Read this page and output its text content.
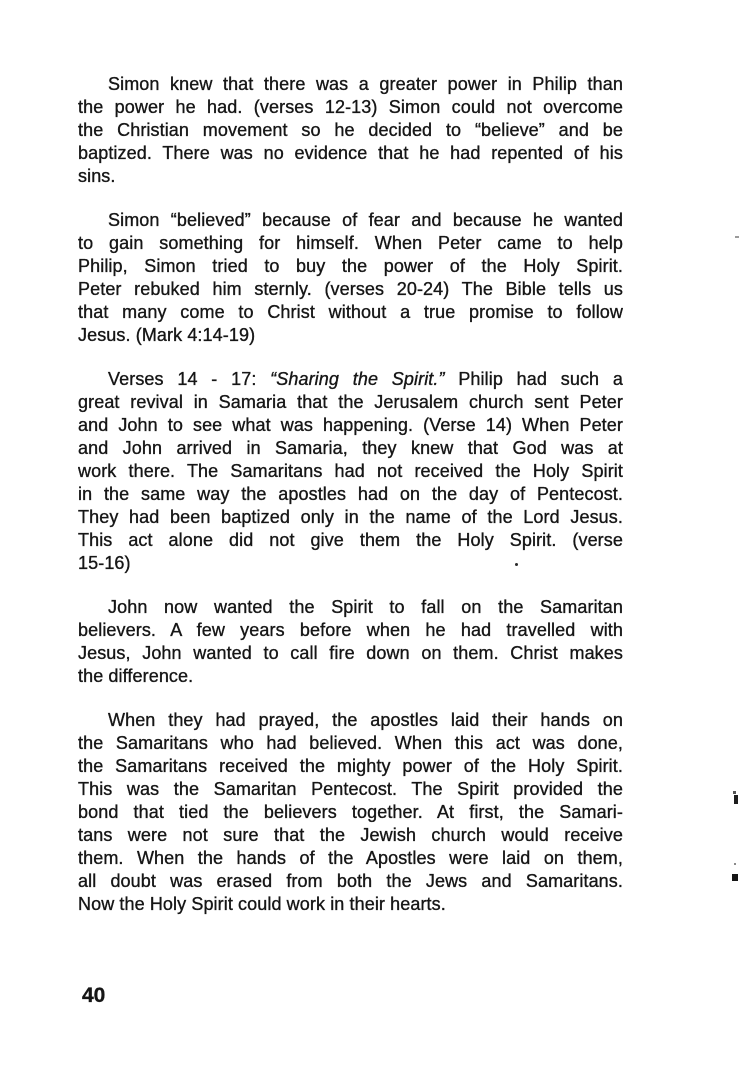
Simon knew that there was a greater power in Philip than
the power he had. (verses 12-13) Simon could not overcome
the Christian movement so he decided to “believe” and be
baptized. There was no evidence that he had repented of his
sins.
Simon “believed” because of fear and because he wanted
to gain something for himself. When Peter came to help
Philip, Simon tried to buy the power of the Holy Spirit.
Peter rebuked him sternly. (verses 20-24) The Bible tells us
that many come to Christ without a true promise to follow
Jesus. (Mark 4:14-19)
Verses 14 - 17: “Sharing the Spirit.” Philip had such a
great revival in Samaria that the Jerusalem church sent Peter
and John to see what was happening. (Verse 14) When Peter
and John arrived in Samaria, they knew that God was at
work there. The Samaritans had not received the Holy Spirit
in the same way the apostles had on the day of Pentecost.
They had been baptized only in the name of the Lord Jesus.
This act alone did not give them the Holy Spirit. (verse
15-16)
John now wanted the Spirit to fall on the Samaritan
believers. A few years before when he had travelled with
Jesus, John wanted to call fire down on them. Christ makes
the difference.
When they had prayed, the apostles laid their hands on
the Samaritans who had believed. When this act was done,
the Samaritans received the mighty power of the Holy Spirit.
This was the Samaritan Pentecost. The Spirit provided the
bond that tied the believers together. At first, the Samari-
tans were not sure that the Jewish church would receive
them. When the hands of the Apostles were laid on them,
all doubt was erased from both the Jews and Samaritans.
Now the Holy Spirit could work in their hearts.
40
